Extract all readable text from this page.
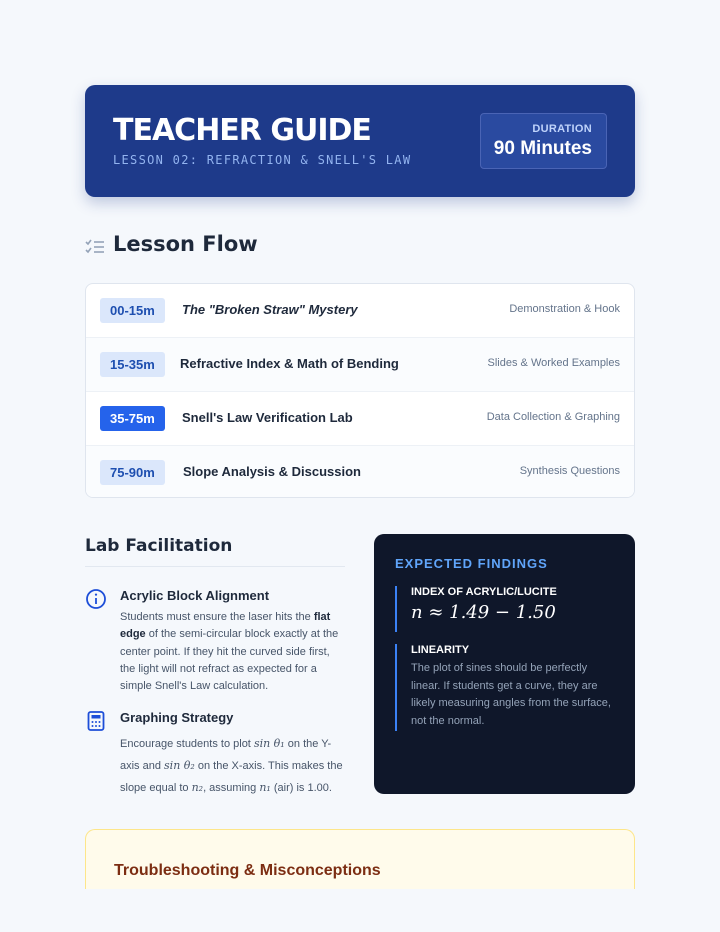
TEACHER GUIDE
LESSON 02: REFRACTION & SNELL'S LAW
DURATION
90 Minutes
Lesson Flow
00-15m	The "Broken Straw" Mystery	Demonstration & Hook
15-35m	Refractive Index & Math of Bending	Slides & Worked Examples
35-75m	Snell's Law Verification Lab	Data Collection & Graphing
75-90m	Slope Analysis & Discussion	Synthesis Questions
Lab Facilitation
Acrylic Block Alignment
Students must ensure the laser hits the flat edge of the semi-circular block exactly at the center point. If they hit the curved side first, the light will not refract as expected for a simple Snell's Law calculation.
Graphing Strategy
Encourage students to plot sin θ₁ on the Y-axis and sin θ₂ on the X-axis. This makes the slope equal to n₂, assuming n₁ (air) is 1.00.
EXPECTED FINDINGS
INDEX OF ACRYLIC/LUCITE
n ≈ 1.49 − 1.50
LINEARITY
The plot of sines should be perfectly linear. If students get a curve, they are likely measuring angles from the surface, not the normal.
Troubleshooting & Misconceptions
